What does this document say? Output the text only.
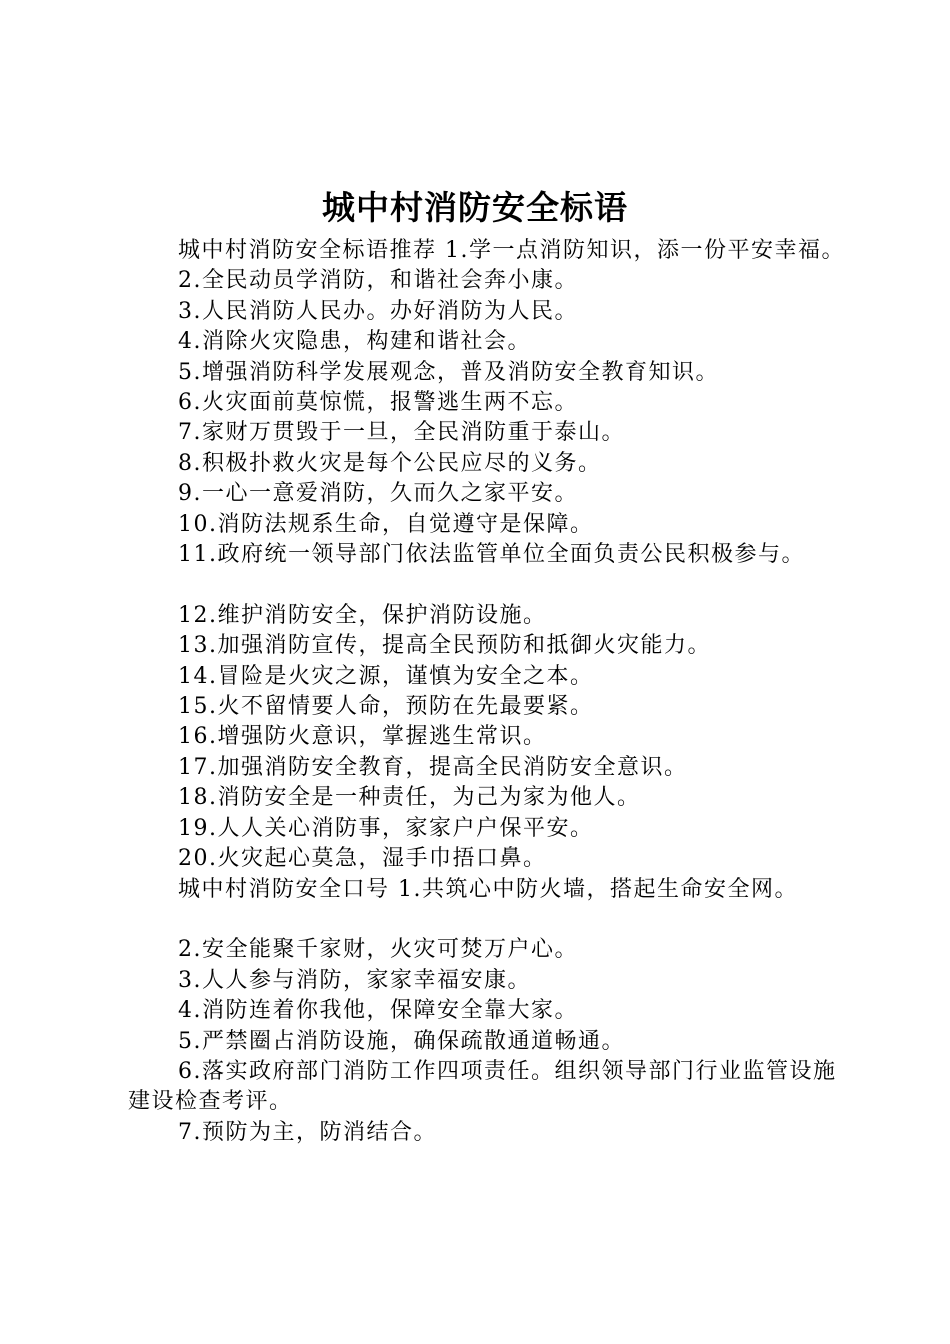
城中村消防安全标语

城中村消防安全标语推荐 1.学一点消防知识，添一份平安幸福。

2.全民动员学消防，和谐社会奔小康。

3.人民消防人民办。办好消防为人民。

4.消除火灾隐患，构建和谐社会。

5.增强消防科学发展观念，普及消防安全教育知识。

6.火灾面前莫惊慌，报警逃生两不忘。

7.家财万贯毁于一旦，全民消防重于泰山。

8.积极扑救火灾是每个公民应尽的义务。

9.一心一意爱消防，久而久之家平安。

10.消防法规系生命，自觉遵守是保障。

11.政府统一领导部门依法监管单位全面负责公民积极参与。

12.维护消防安全，保护消防设施。

13.加强消防宣传，提高全民预防和抵御火灾能力。

14.冒险是火灾之源，谨慎为安全之本。

15.火不留情要人命，预防在先最要紧。

16.增强防火意识，掌握逃生常识。

17.加强消防安全教育，提高全民消防安全意识。

18.消防安全是一种责任，为己为家为他人。

19.人人关心消防事，家家户户保平安。

20.火灾起心莫急，湿手巾捂口鼻。

城中村消防安全口号 1.共筑心中防火墙，搭起生命安全网。

2.安全能聚千家财，火灾可焚万户心。

3.人人参与消防，家家幸福安康。

4.消防连着你我他，保障安全靠大家。

5.严禁圈占消防设施，确保疏散通道畅通。

6.落实政府部门消防工作四项责任。组织领导部门行业监管设施建设检查考评。

7.预防为主，防消结合。
